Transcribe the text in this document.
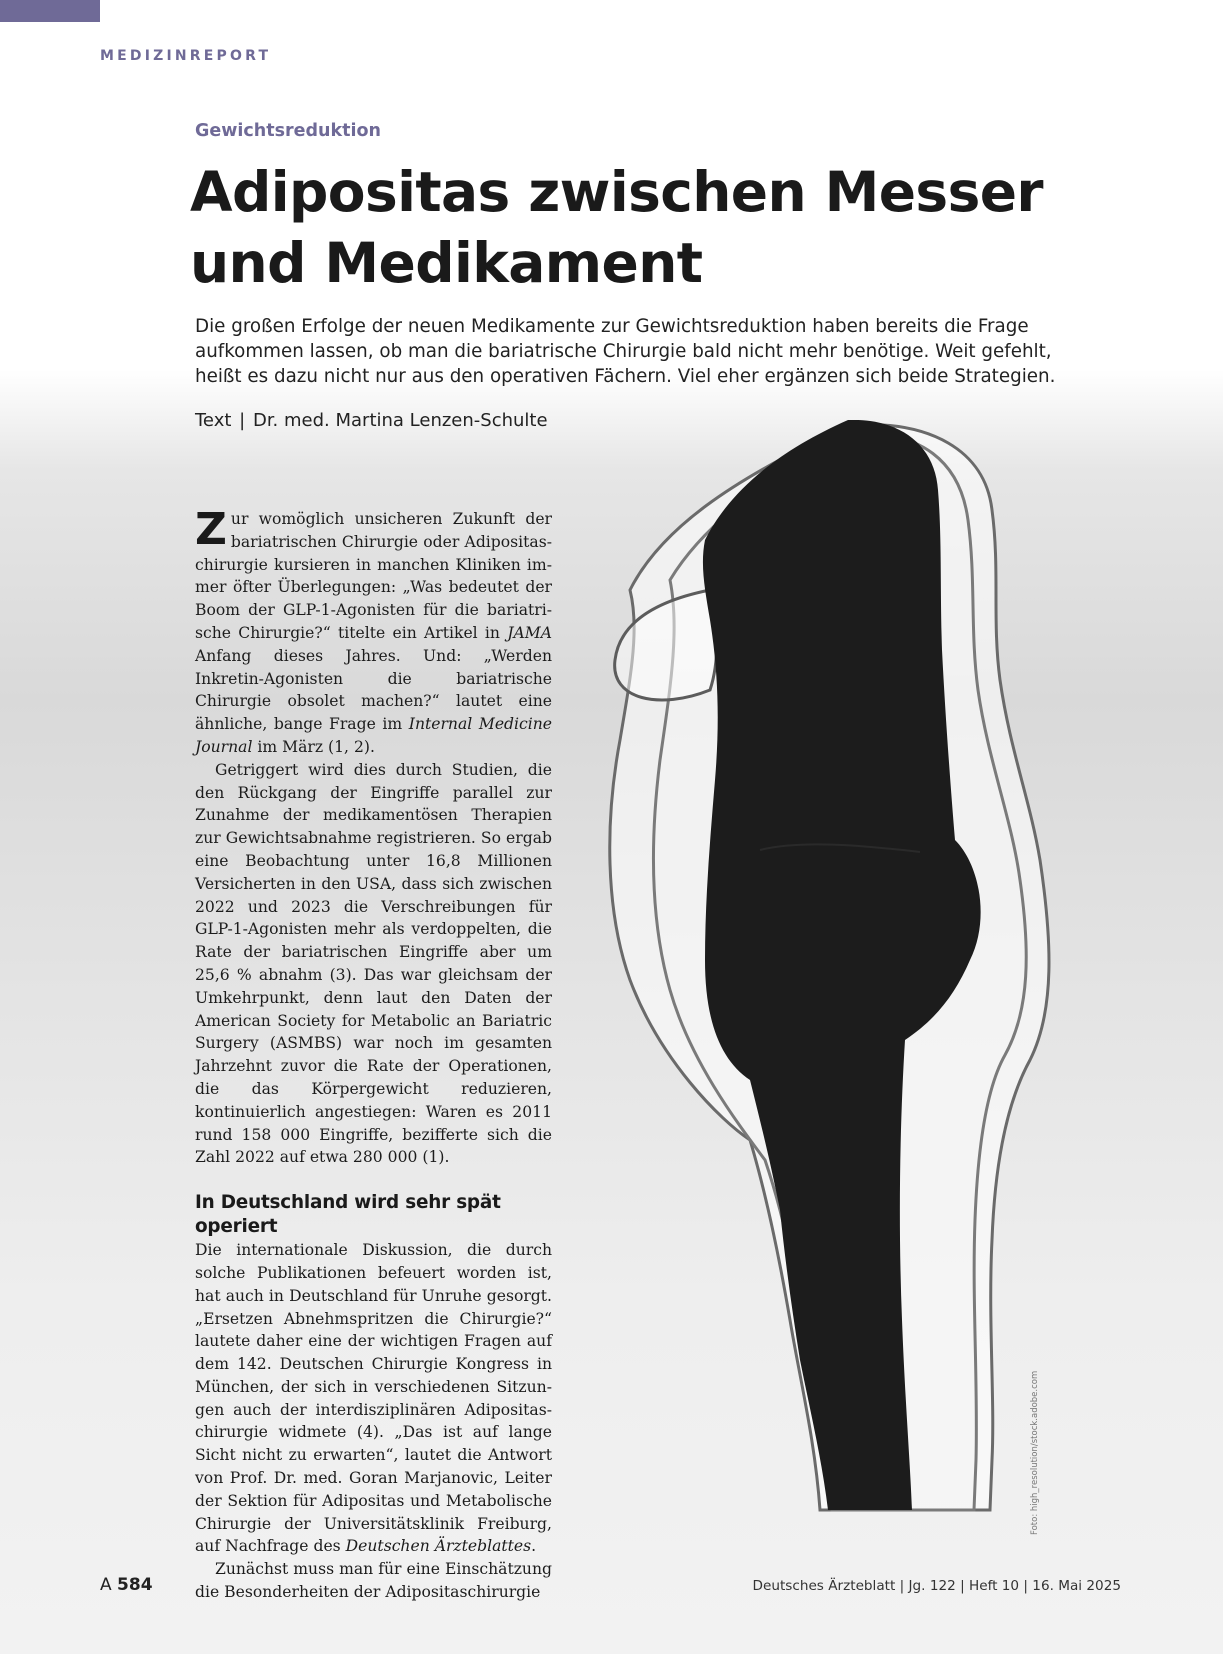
MEDIZINREPORT
Gewichtsreduktion
Adipositas zwischen Messer
und Medikament

Die großen Erfolge der neuen Medikamente zur Gewichtsreduktion haben bereits die Frage
aufkommen lassen, ob man die bariatrische Chirurgie bald nicht mehr benötige. Weit gefehlt,
heißt es dazu nicht nur aus den operativen Fächern. Viel eher ergänzen sich beide Strategien.

Text | Dr. med. Martina Lenzen-Schulte

Zur womöglich unsicheren Zukunft der bariatrischen Chirurgie oder Adipositaschirurgie kursieren in manchen Kliniken immer öfter Überlegungen: „Was bedeutet der Boom der GLP-1-Agonisten für die bariatrische Chirurgie?“ titelte ein Artikel in JAMA Anfang dieses Jahres. Und: „Werden Inkretin-Agonisten die bariatrische Chirurgie obsolet machen?“ lautet eine ähnliche, bange Frage im Internal Medicine Journal im März (1, 2).

Getriggert wird dies durch Studien, die den Rückgang der Eingriffe parallel zur Zunahme der medikamentösen Therapien zur Gewichtsabnahme registrieren. So ergab eine Beobachtung unter 16,8 Millionen Versicherten in den USA, dass sich zwischen 2022 und 2023 die Verschreibungen für GLP-1-Agonisten mehr als verdoppelten, die Rate der bariatrischen Eingriffe aber um 25,6 % abnahm (3). Das war gleichsam der Umkehrpunkt, denn laut den Daten der American Society for Metabolic an Bariatric Surgery (ASMBS) war noch im gesamten Jahrzehnt zuvor die Rate der Operationen, die das Körpergewicht reduzieren, kontinuierlich angestiegen: Waren es 2011 rund 158 000 Eingriffe, bezifferte sich die Zahl 2022 auf etwa 280 000 (1).

In Deutschland wird sehr spät operiert

Die internationale Diskussion, die durch solche Publikationen befeuert worden ist, hat auch in Deutschland für Unruhe gesorgt. „Ersetzen Abnehmspritzen die Chirurgie?“ lautete daher eine der wichtigen Fragen auf dem 142. Deutschen Chirurgie Kongress in München, der sich in verschiedenen Sitzungen auch der interdisziplinären Adipositaschirurgie widmete (4). „Das ist auf lange Sicht nicht zu erwarten“, lautet die Antwort von Prof. Dr. med. Goran Marjanovic, Leiter der Sektion für Adipositas und Metabolische Chirurgie der Universitätsklinik Freiburg, auf Nachfrage des Deutschen Ärzteblattes.

Zunächst muss man für eine Einschätzung die Besonderheiten der Adipositaschirurgie

Foto: high_resolution/stock.adobe.com
A 584	Deutsches Ärzteblatt | Jg. 122 | Heft 10 | 16. Mai 2025
